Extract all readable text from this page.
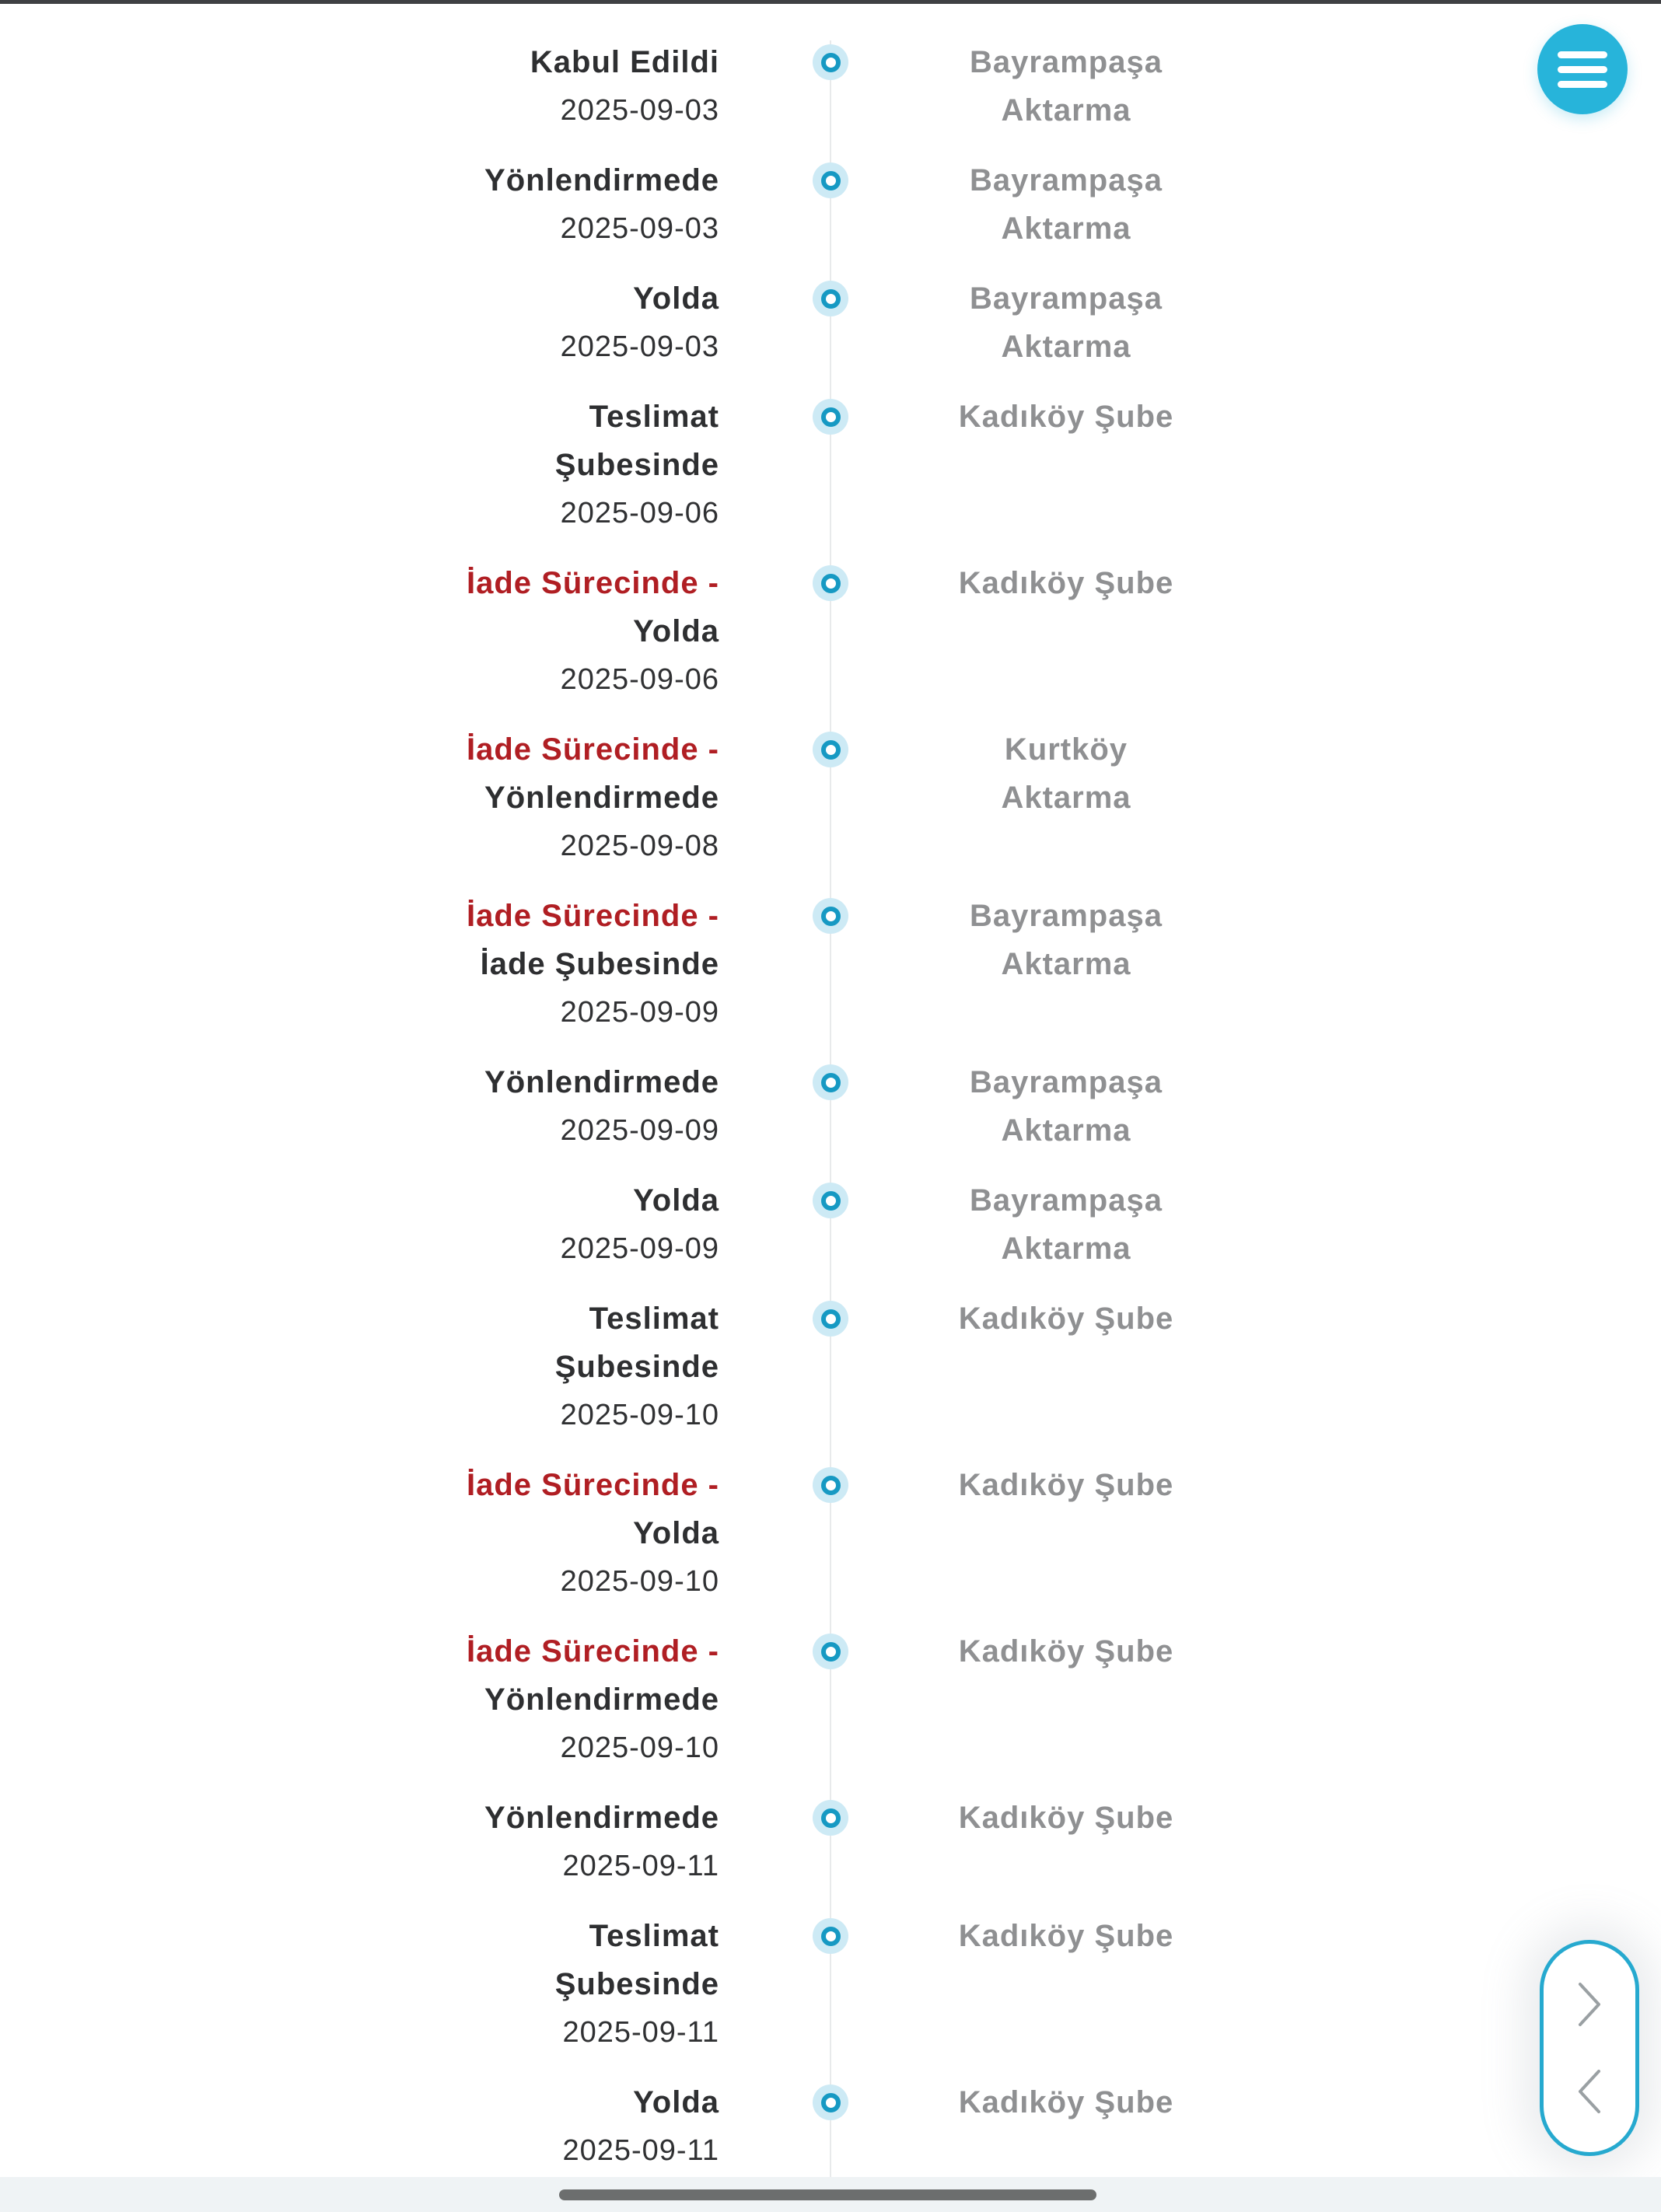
Kabul Edildi
2025-09-03
Bayrampaşa
Aktarma
Yönlendirmede
2025-09-03
Bayrampaşa
Aktarma
Yolda
2025-09-03
Bayrampaşa
Aktarma
Teslimat
Şubesinde
2025-09-06
Kadıköy Şube
İade Sürecinde -
Yolda
2025-09-06
Kadıköy Şube
İade Sürecinde -
Yönlendirmede
2025-09-08
Kurtköy
Aktarma
İade Sürecinde -
İade Şubesinde
2025-09-09
Bayrampaşa
Aktarma
Yönlendirmede
2025-09-09
Bayrampaşa
Aktarma
Yolda
2025-09-09
Bayrampaşa
Aktarma
Teslimat
Şubesinde
2025-09-10
Kadıköy Şube
İade Sürecinde -
Yolda
2025-09-10
Kadıköy Şube
İade Sürecinde -
Yönlendirmede
2025-09-10
Kadıköy Şube
Yönlendirmede
2025-09-11
Kadıköy Şube
Teslimat
Şubesinde
2025-09-11
Kadıköy Şube
Yolda
2025-09-11
Kadıköy Şube
